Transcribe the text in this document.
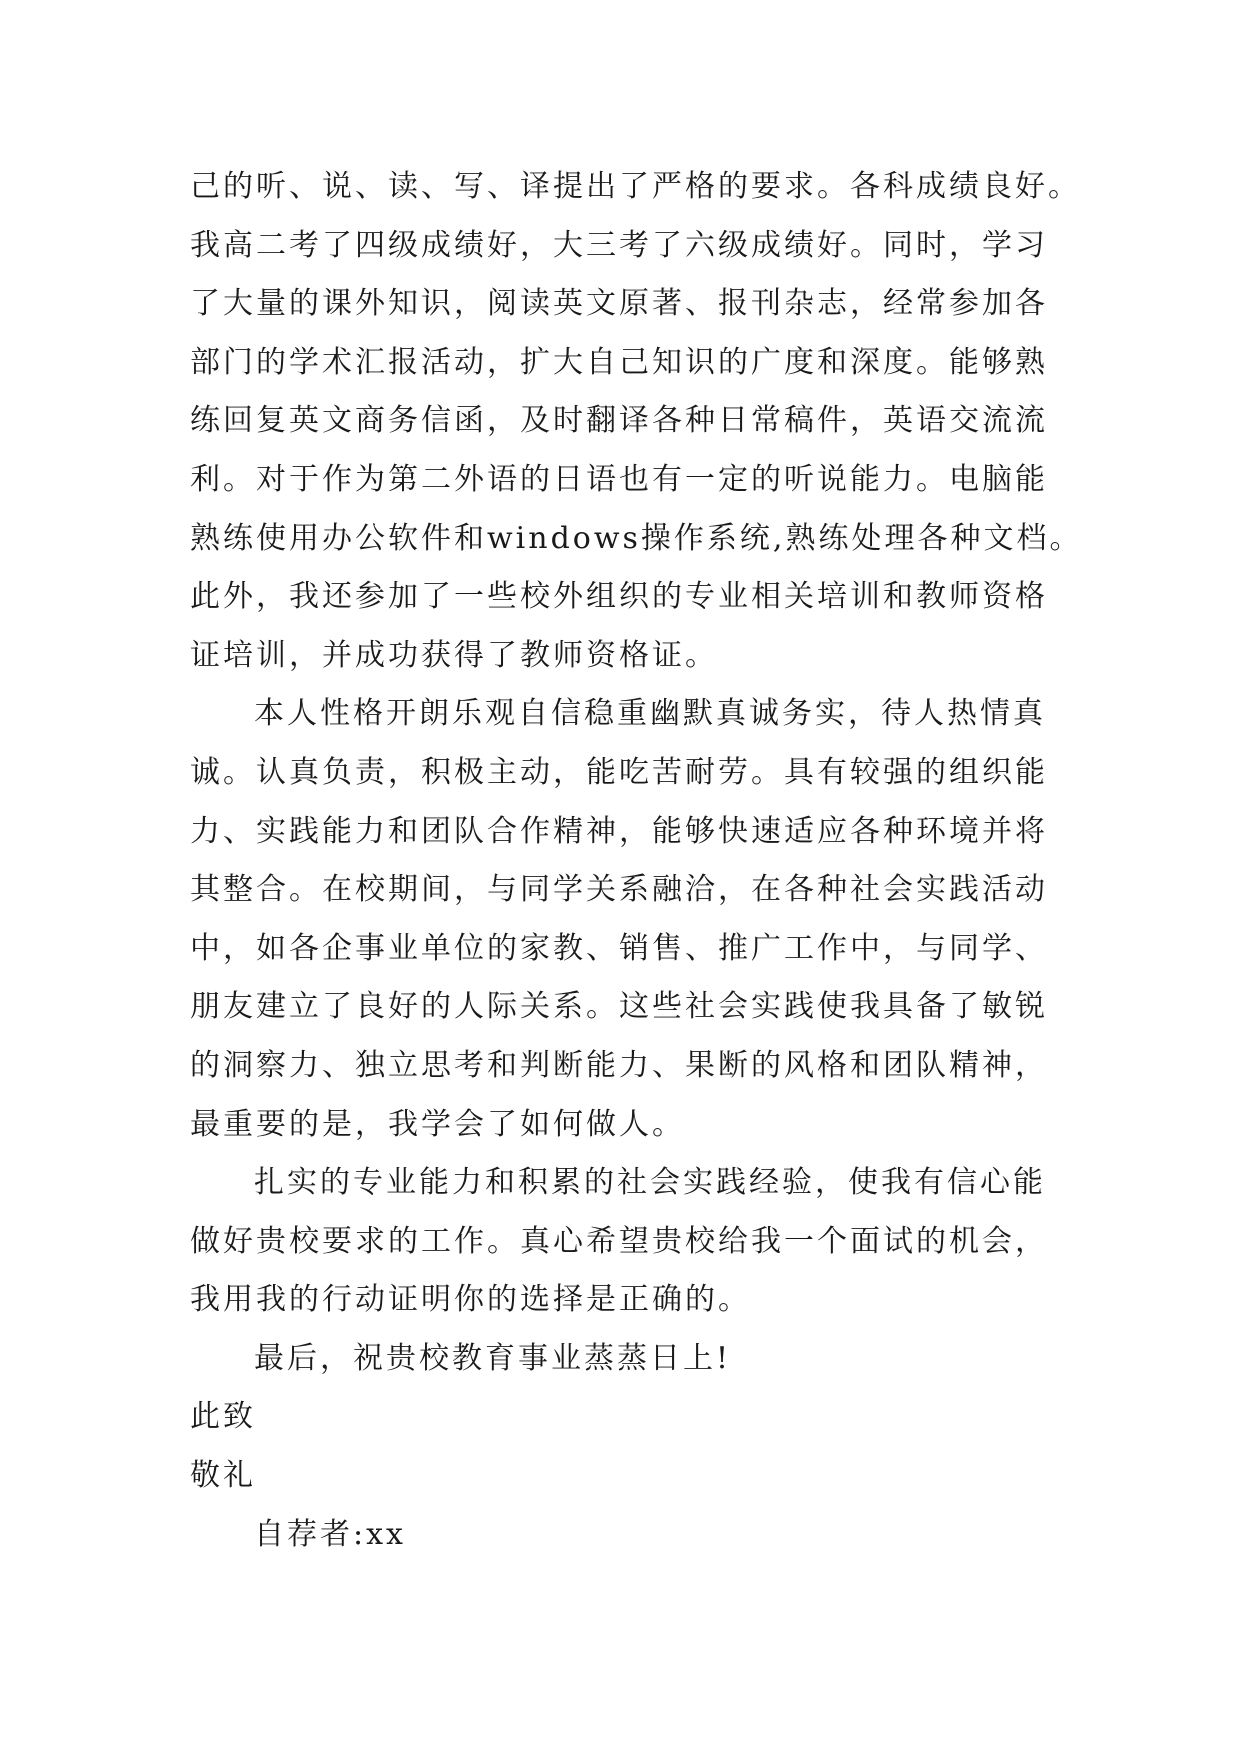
己的听、说、读、写、译提出了严格的要求。各科成绩良好。
我高二考了四级成绩好，大三考了六级成绩好。同时，学习
了大量的课外知识，阅读英文原著、报刊杂志，经常参加各
部门的学术汇报活动，扩大自己知识的广度和深度。能够熟
练回复英文商务信函，及时翻译各种日常稿件，英语交流流
利。对于作为第二外语的日语也有一定的听说能力。电脑能
熟练使用办公软件和windows操作系统,熟练处理各种文档。
此外，我还参加了一些校外组织的专业相关培训和教师资格
证培训，并成功获得了教师资格证。
本人性格开朗乐观自信稳重幽默真诚务实，待人热情真
诚。认真负责，积极主动，能吃苦耐劳。具有较强的组织能
力、实践能力和团队合作精神，能够快速适应各种环境并将
其整合。在校期间，与同学关系融洽，在各种社会实践活动
中，如各企事业单位的家教、销售、推广工作中，与同学、
朋友建立了良好的人际关系。这些社会实践使我具备了敏锐
的洞察力、独立思考和判断能力、果断的风格和团队精神，
最重要的是，我学会了如何做人。
扎实的专业能力和积累的社会实践经验，使我有信心能
做好贵校要求的工作。真心希望贵校给我一个面试的机会，
我用我的行动证明你的选择是正确的。
最后，祝贵校教育事业蒸蒸日上!
此致
敬礼
自荐者:xx
